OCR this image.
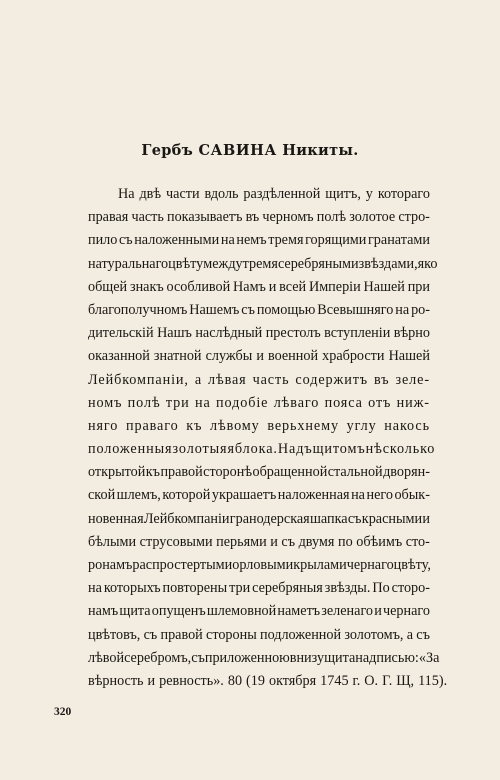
Гербъ САВИНА Никиты.
На двѣ части вдоль раздѣленной щитъ, у котораго
правая часть показываетъ въ черномъ полѣ золотое стро-
пило съ наложенными на немъ тремя горящими гранатами
натуральнаго цвѣту между тремя серебряными звѣздами, яко
общей знакъ особливой Намъ и всей Имперіи Нашей при
благополучномъ Нашемъ съ помощью Всевышняго на ро-
дительскій Нашъ наслѣдный престолъ вступленіи вѣрно
оказанной знатной службы и военной храбрости Нашей
Лейбкомпаніи, а лѣвая часть содержитъ въ зеле-
номъ полѣ три на подобіе лѣваго пояса отъ ниж-
няго праваго къ лѣвому верьхнему углу накось
положенныя золотыя яблока. Надъ щитомъ нѣсколько
открытой къ правой сторонѣ обращенной стальной дворян-
ской шлемъ, которой украшаетъ наложенная на него обык-
новенная Лейбкомпаніи гранодерская шапка съ красными и
бѣлыми струсовыми перьями и съ двумя по обѣимъ сто-
ронамъ распростертыми орловыми крылами чернаго цвѣту,
на которыхъ повторены три серебряныя звѣзды. По сторо-
намъ щита опущенъ шлемовной наметъ зеленаго и чернаго
цвѣтовъ, съ правой стороны подложенной золотомъ, а съ
лѣвой серебромъ, съ приложенною внизу щита надписью: «За
вѣрность и ревность». 80 (19 октября 1745 г. О. Г. Щ, 115).
320
